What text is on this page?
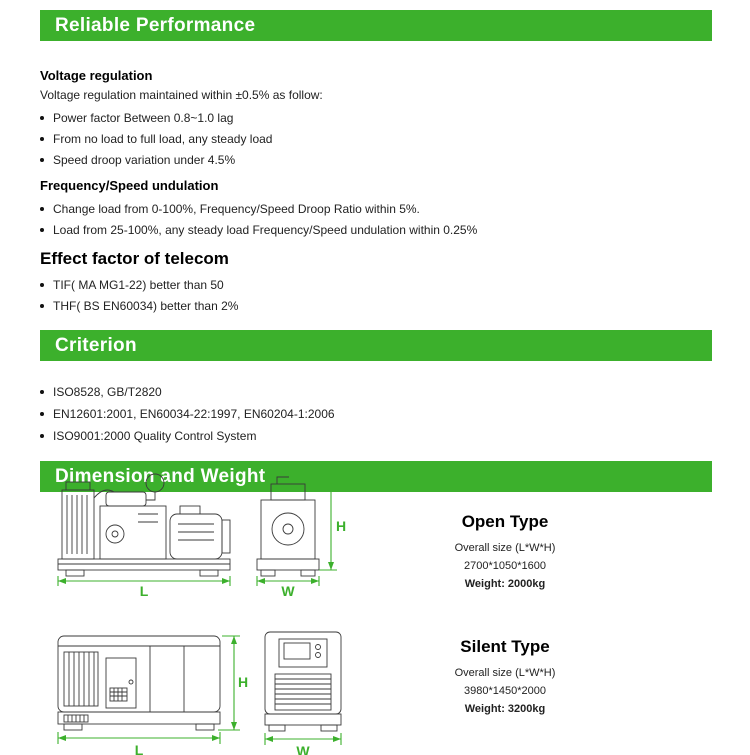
Reliable Performance
Voltage regulation
Voltage regulation maintained within ±0.5% as follow:
Power factor Between 0.8~1.0 lag
From no load to full load, any steady load
Speed droop variation under 4.5%
Frequency/Speed undulation
Change load from 0-100%, Frequency/Speed Droop Ratio within 5%.
Load from 25-100%, any steady load Frequency/Speed undulation within 0.25%
Effect factor of telecom
TIF( MA MG1-22) better than 50
THF( BS EN60034) better than 2%
Criterion
ISO8528, GB/T2820
EN12601:2001, EN60034-22:1997, EN60204-1:2006
ISO9001:2000 Quality Control System
Dimension and Weight
L
H
W
Open Type
Overall size (L*W*H)
2700*1050*1600
Weight: 2000kg
L
H
W
Silent Type
Overall size (L*W*H)
3980*1450*2000
Weight: 3200kg
